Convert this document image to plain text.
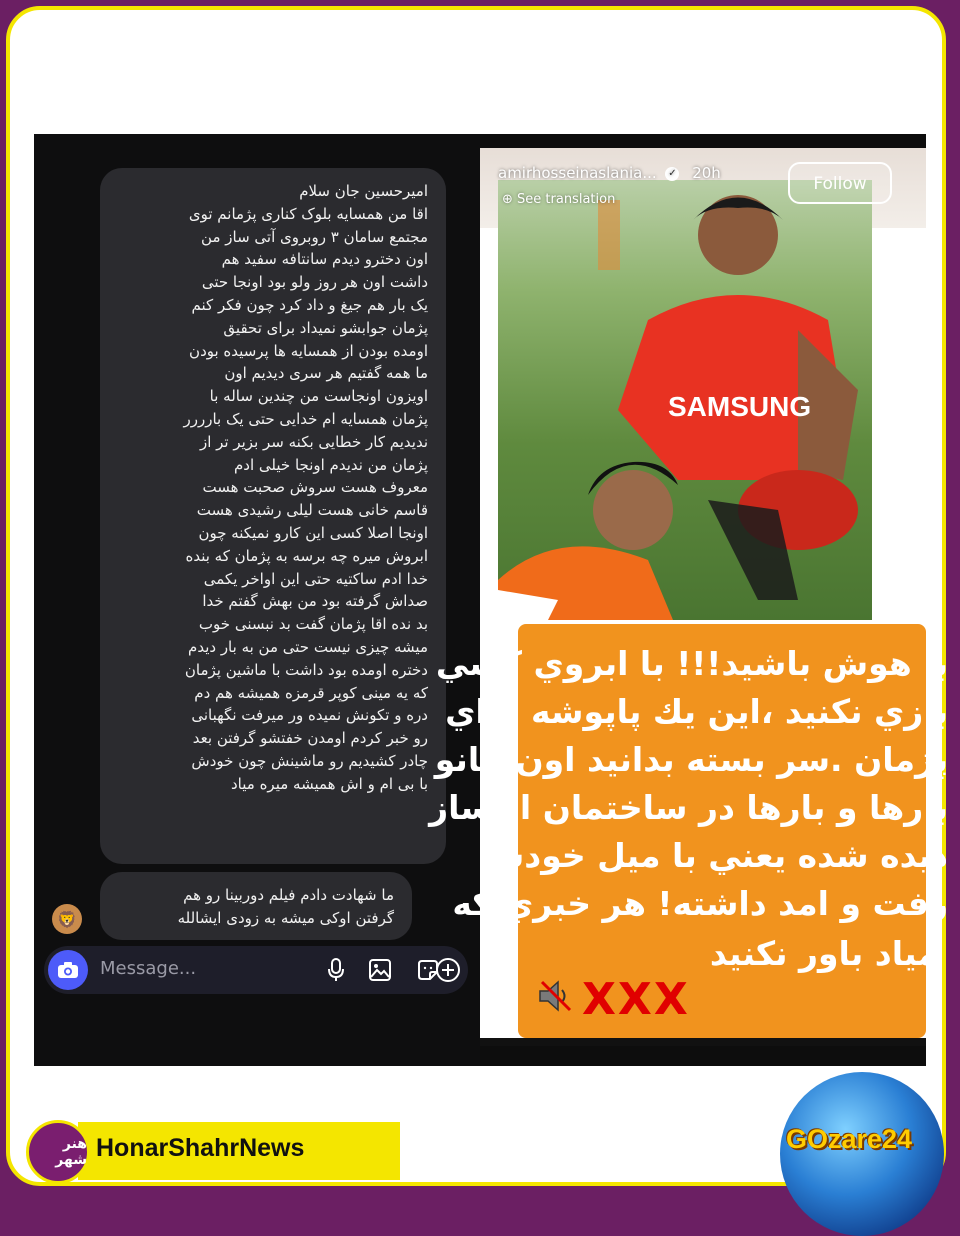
امیرحسین جان سلام
اقا من همسایه بلوک کناری پژمانم توی
مجتمع سامان ۳ روبروی آتی ساز من
اون دخترو دیدم سانتافه سفید هم
داشت اون هر روز ولو بود اونجا حتی
یک بار هم جیغ و داد کرد چون فکر کنم
پژمان جوابشو نمیداد برای تحقیق
اومده بودن از همسایه ها پرسیده بودن
ما همه گفتیم هر سری دیدیم اون
اویزون اونجاست من چندین ساله با
پژمان همسایه ام خدایی حتی یک بارررر
ندیدیم کار خطایی بکنه سر بزیر تر از
پژمان من ندیدم اونجا خیلی ادم
معروف هست سروش صحبت هست
قاسم خانی هست لیلی رشیدی هست
اونجا اصلا کسی این کارو نمیکنه چون
ابروش میره چه برسه به پژمان که بنده
خدا ادم ساکتیه حتی این اواخر یکمی
صداش گرفته بود من بهش گفتم خدا
بد نده اقا پژمان گفت بد نبسنی خوب
میشه چیزی نیست حتی من به بار دیدم
دختره اومده بود داشت با ماشین پژمان
که یه مینی کوپر قرمزه همیشه هم دم
دره و تکونش نمیده ور میرفت نگهبانی
رو خبر کردم اومدن خفتشو گرفتن بعد
چادر کشیدیم رو ماشینش چون خودش
با بی ام و اش همیشه میره میاد
🦁
ما شهادت دادم فیلم دوربینا رو هم
گرفتن اوکی میشه به زودی ایشالله
Message...
SAMSUNG
amirhosseinaslania... ✓ 20h
⊕ See translation
Follow
XXX
با هوش باشید!!! با ابروي كسي
بازي نكنيد ،اين يك پاپوشه براي
پژمان .سر بسته بدانيد اون خانو
بارها و بارها در ساختمان اتيساز
ديده شده يعني با ميل خودش
رفت و امد داشته! هر خبري كه
مياد باور نكنيد
HonarShahrNews
هنر شهر
GOzare24
